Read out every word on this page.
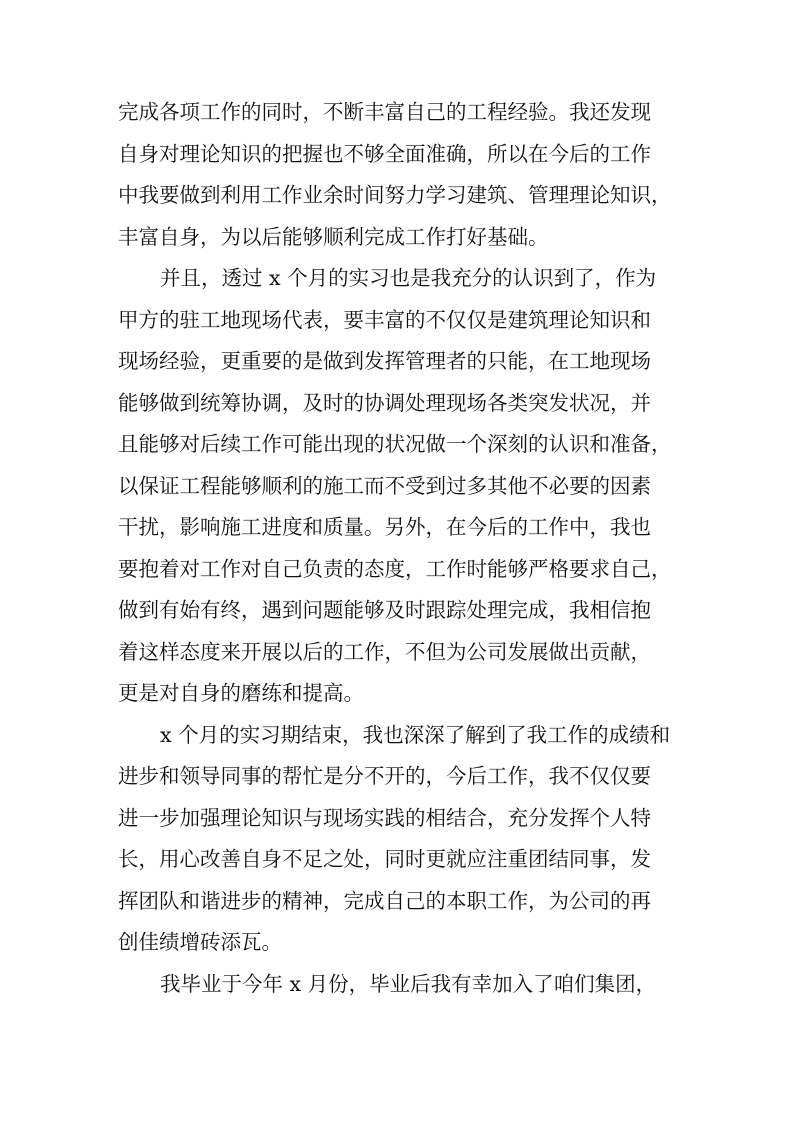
完成各项工作的同时，不断丰富自己的工程经验。我还发现
自身对理论知识的把握也不够全面准确，所以在今后的工作
中我要做到利用工作业余时间努力学习建筑、管理理论知识，
丰富自身，为以后能够顺利完成工作打好基础。
并且，透过 x 个月的实习也是我充分的认识到了，作为
甲方的驻工地现场代表，要丰富的不仅仅是建筑理论知识和
现场经验，更重要的是做到发挥管理者的只能，在工地现场
能够做到统筹协调，及时的协调处理现场各类突发状况，并
且能够对后续工作可能出现的状况做一个深刻的认识和准备，
以保证工程能够顺利的施工而不受到过多其他不必要的因素
干扰，影响施工进度和质量。另外，在今后的工作中，我也
要抱着对工作对自己负责的态度，工作时能够严格要求自己，
做到有始有终，遇到问题能够及时跟踪处理完成，我相信抱
着这样态度来开展以后的工作，不但为公司发展做出贡献，
更是对自身的磨练和提高。
x 个月的实习期结束，我也深深了解到了我工作的成绩和
进步和领导同事的帮忙是分不开的，今后工作，我不仅仅要
进一步加强理论知识与现场实践的相结合，充分发挥个人特
长，用心改善自身不足之处，同时更就应注重团结同事，发
挥团队和谐进步的精神，完成自己的本职工作，为公司的再
创佳绩增砖添瓦。
我毕业于今年 x 月份，毕业后我有幸加入了咱们集团，
